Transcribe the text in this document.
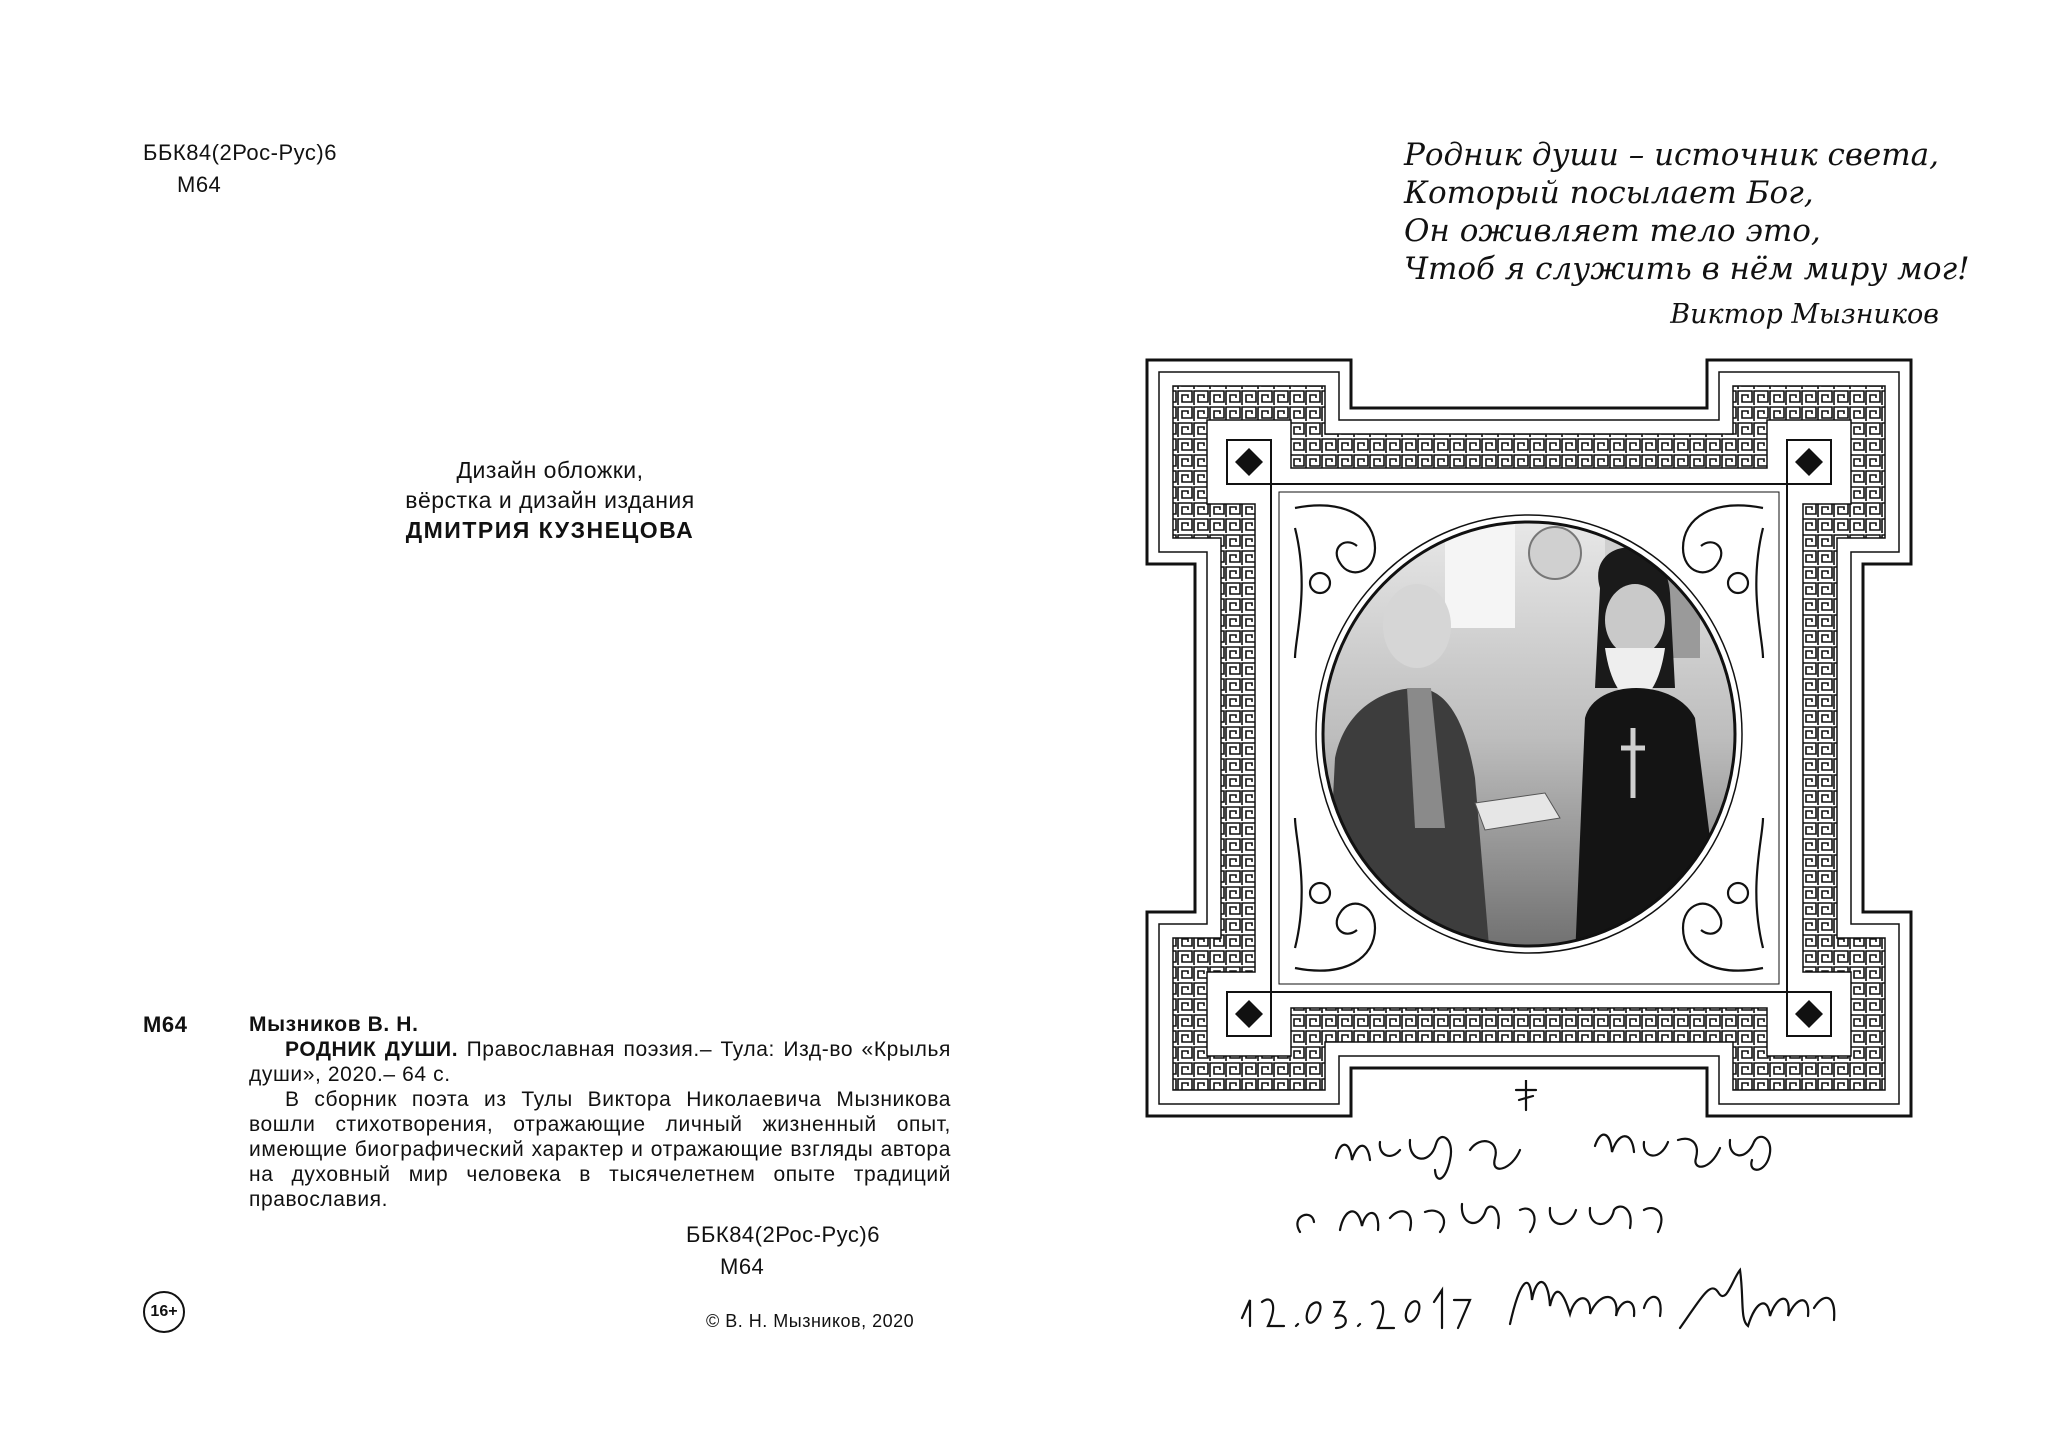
ББК84(2Рос-Рус)6
М64
Дизайн обложки,
вёрстка и дизайн издания
ДМИТРИЯ КУЗНЕЦОВА
М64	Мызников В. Н.
РОДНИК ДУШИ. Православная поэзия.– Тула: Изд-во «Крылья души», 2020.– 64 с.
В сборник поэта из Тулы Виктора Николаевича Мызникова вошли стихотворения, отражающие личный жизненный опыт, имеющие биографический характер и отражающие взгляды автора на духовный мир человека в тысячелетнем опыте традиций православия.
ББК84(2Рос-Рус)6
М64
16+	© В. Н. Мызников, 2020
Родник души – источник света,
Который посылает Бог,
Он оживляет тело это,
Чтоб я служить в нём миру мог!
Виктор Мызников
